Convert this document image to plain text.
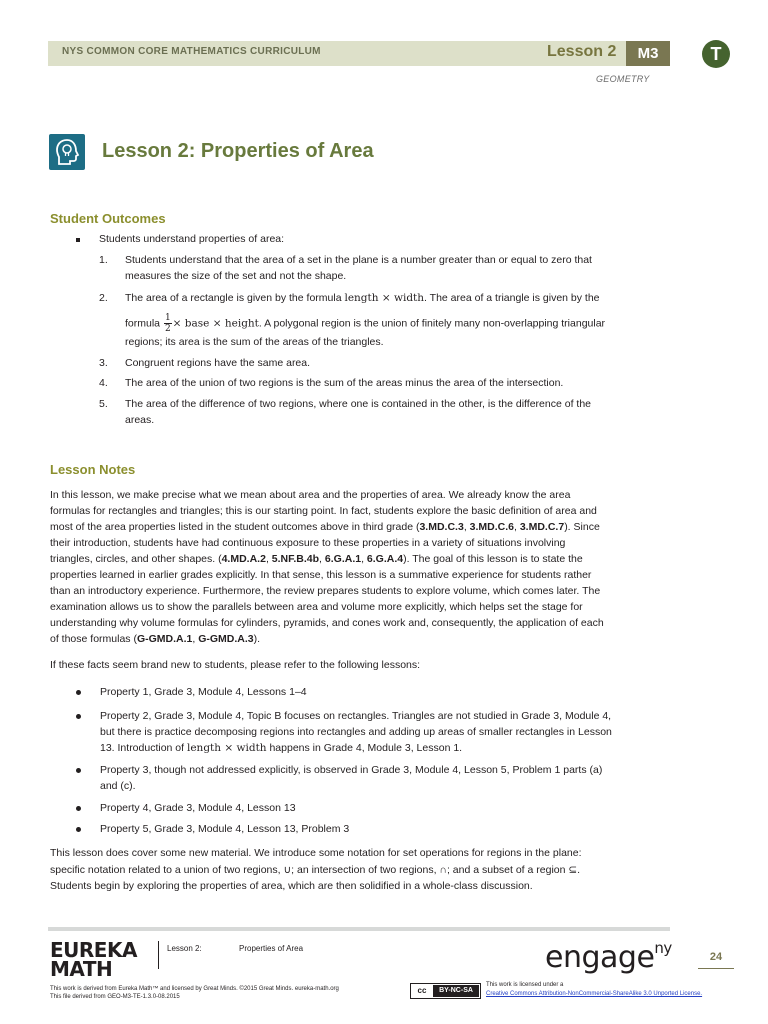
NYS COMMON CORE MATHEMATICS CURRICULUM	Lesson 2	M3	T
GEOMETRY
Lesson 2: Properties of Area
Student Outcomes
Students understand properties of area:
1. Students understand that the area of a set in the plane is a number greater than or equal to zero that
measures the size of the set and not the shape.
2. The area of a rectangle is given by the formula length × width. The area of a triangle is given by the
formula $\frac{1}{2}$ × base × height. A polygonal region is the union of finitely many non-overlapping triangular
regions; its area is the sum of the areas of the triangles.
3. Congruent regions have the same area.
4. The area of the union of two regions is the sum of the areas minus the area of the intersection.
5. The area of the difference of two regions, where one is contained in the other, is the difference of the
areas.
Lesson Notes
In this lesson, we make precise what we mean about area and the properties of area. We already know the area
formulas for rectangles and triangles; this is our starting point. In fact, students explore the basic definition of area and
most of the area properties listed in the student outcomes above in third grade (3.MD.C.3, 3.MD.C.6, 3.MD.C.7). Since
their introduction, students have had continuous exposure to these properties in a variety of situations involving
triangles, circles, and other shapes. (4.MD.A.2, 5.NF.B.4b, 6.G.A.1, 6.G.A.4). The goal of this lesson is to state the
properties learned in earlier grades explicitly. In that sense, this lesson is a summative experience for students rather
than an introductory experience. Furthermore, the review prepares students to explore volume, which comes later. The
examination allows us to show the parallels between area and volume more explicitly, which helps set the stage for
understanding why volume formulas for cylinders, pyramids, and cones work and, consequently, the application of each
of those formulas (G-GMD.A.1, G-GMD.A.3).
If these facts seem brand new to students, please refer to the following lessons:
Property 1, Grade 3, Module 4, Lessons 1–4
Property 2, Grade 3, Module 4, Topic B focuses on rectangles. Triangles are not studied in Grade 3, Module 4,
but there is practice decomposing regions into rectangles and adding up areas of smaller rectangles in Lesson
13. Introduction of length × width happens in Grade 4, Module 3, Lesson 1.
Property 3, though not addressed explicitly, is observed in Grade 3, Module 4, Lesson 5, Problem 1 parts (a)
and (c).
Property 4, Grade 3, Module 4, Lesson 13
Property 5, Grade 3, Module 4, Lesson 13, Problem 3
This lesson does cover some new material. We introduce some notation for set operations for regions in the plane:
specific notation related to a union of two regions, ∪; an intersection of two regions, ∩; and a subset of a region ⊆.
Students begin by exploring the properties of area, which are then solidified in a whole-class discussion.
EUREKA
MATH
Lesson 2:	Properties of Area	engage$^{ny}$	24
This work is derived from Eureka Math™ and licensed by Great Minds. ©2015 Great Minds. eureka-math.org
This file derived from GEO-M3-TE-1.3.0-08.2015
cc	BY-NC-SA
This work is licensed under a
Creative Commons Attribution-NonCommercial-ShareAlike 3.0 Unported License.
